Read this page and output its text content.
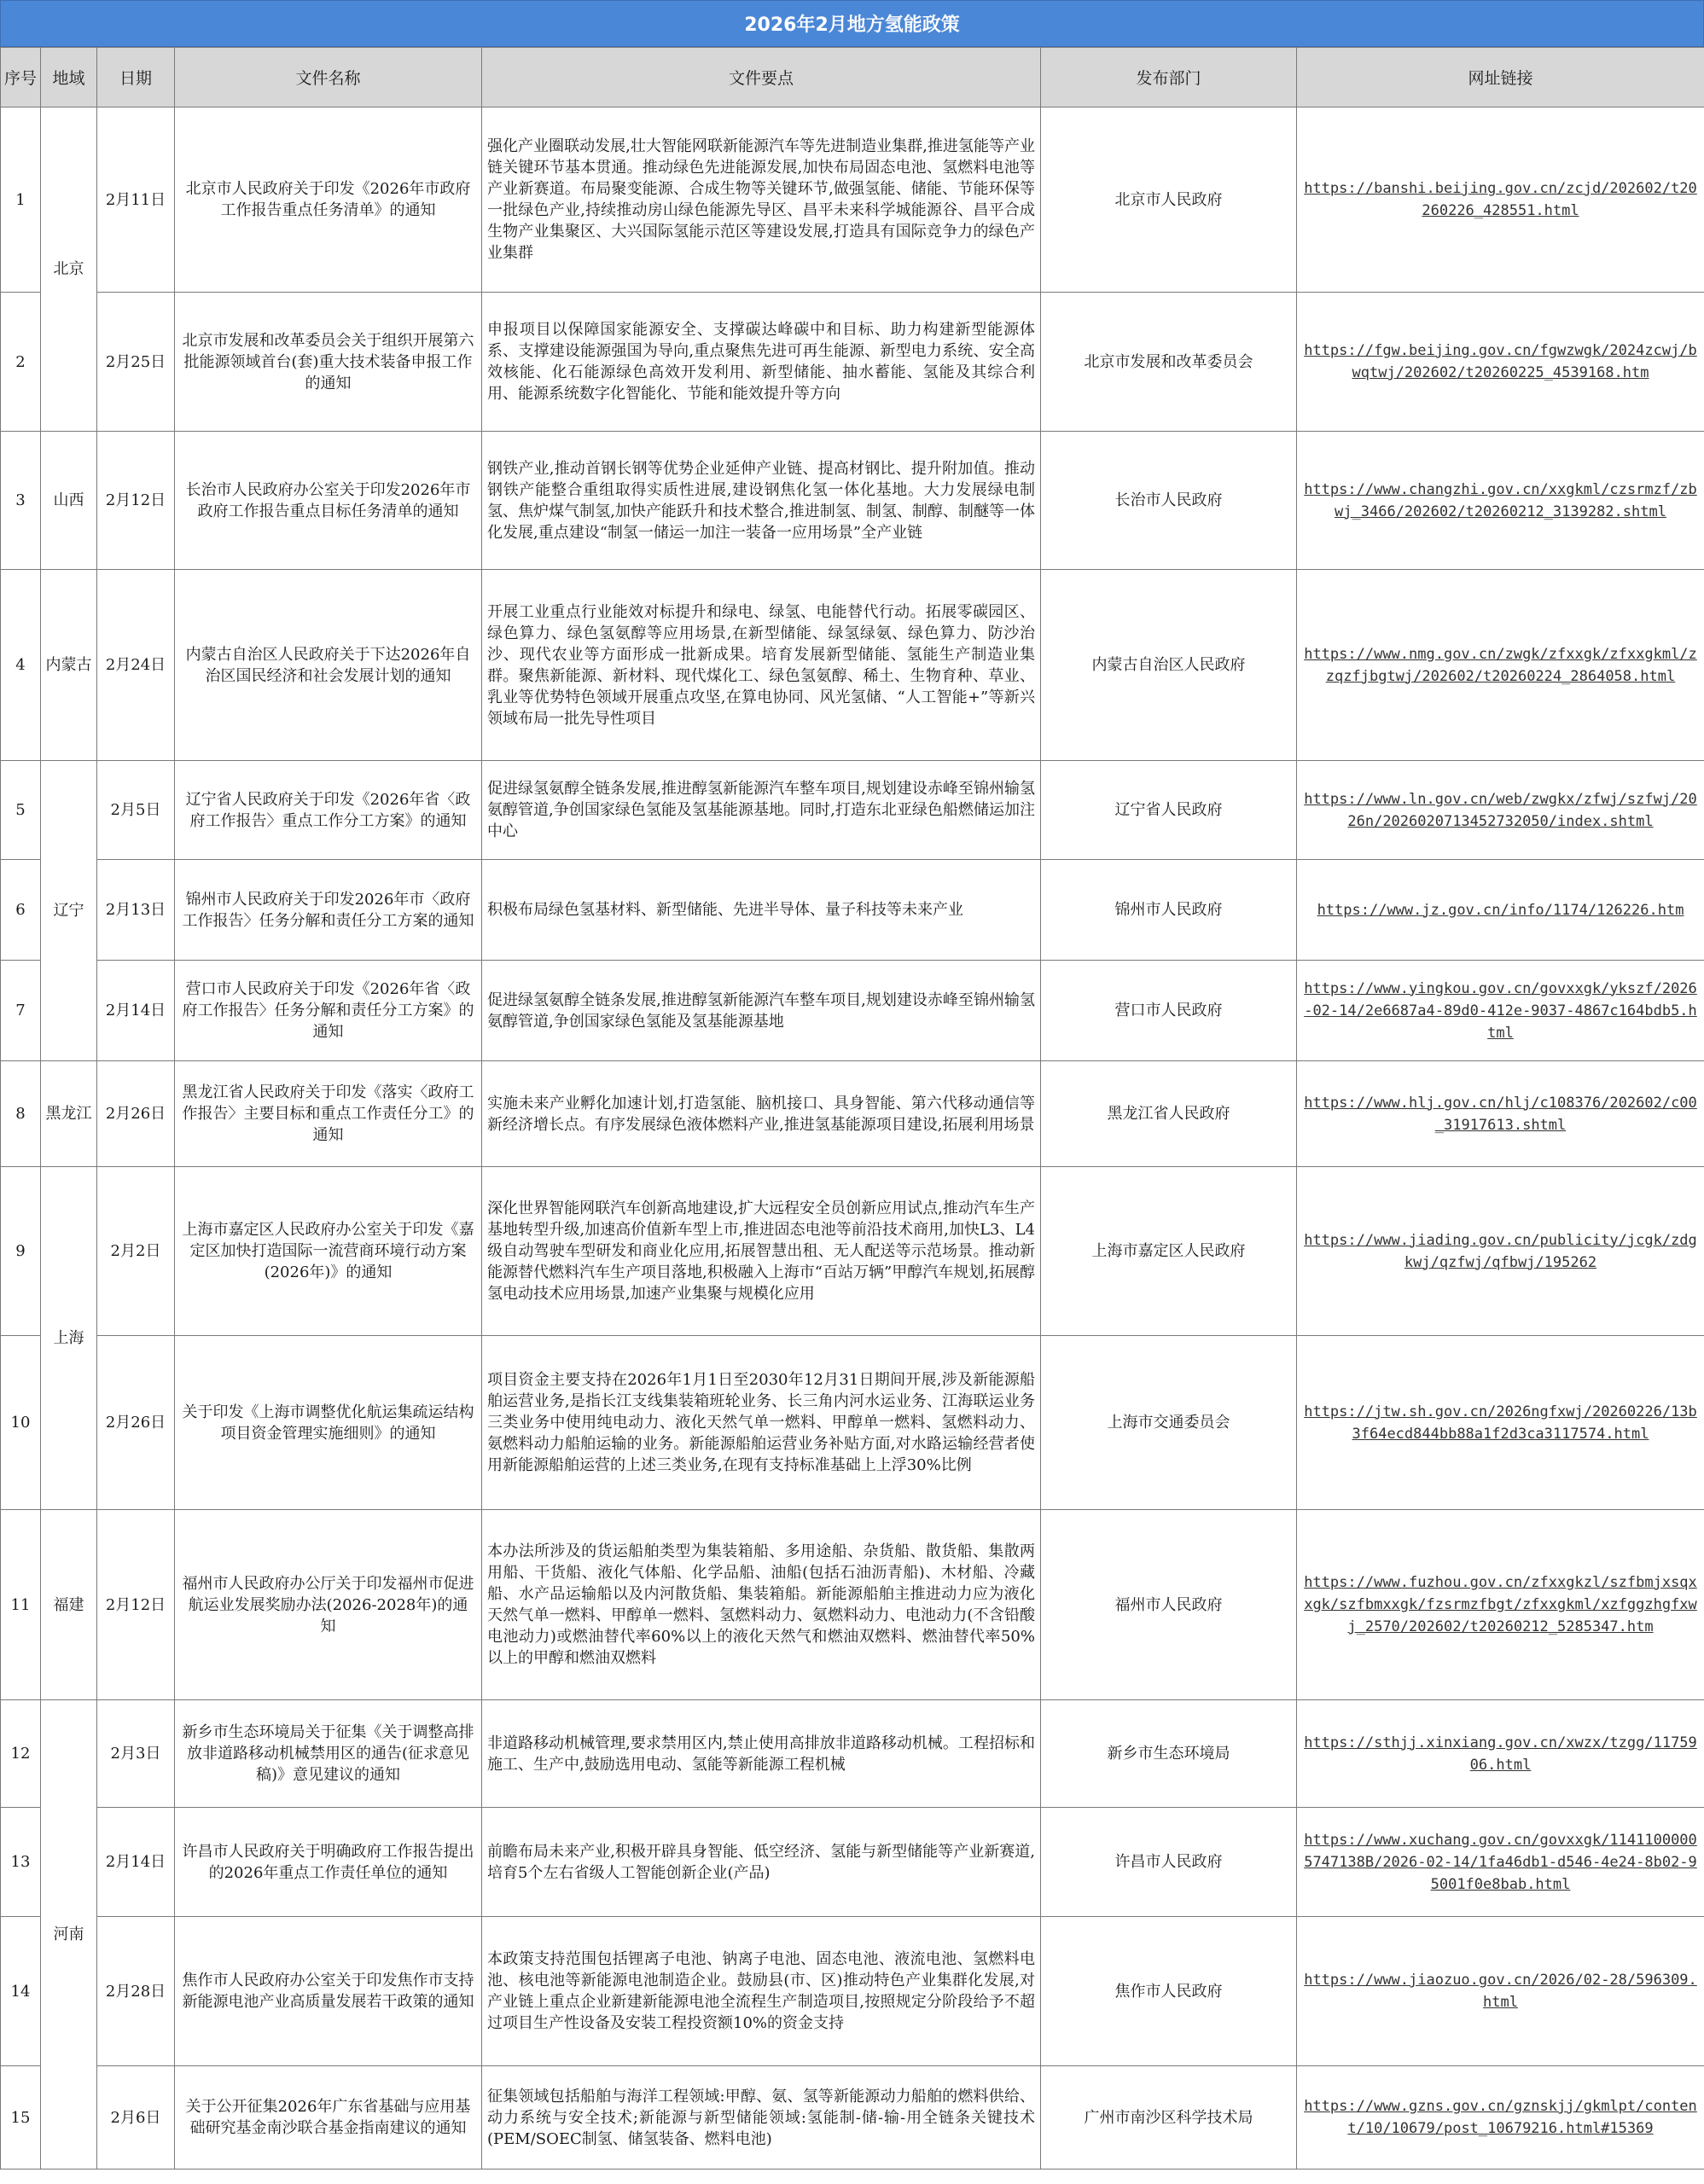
2026年2月地方氢能政策
序号	地域	日期	文件名称	文件要点	发布部门	网址链接
1	北京	2月11日	北京市人民政府关于印发《2026年市政府工作报告重点任务清单》的通知	强化产业圈联动发展,壮大智能网联新能源汽车等先进制造业集群,推进氢能等产业链关键环节基本贯通。推动绿色先进能源发展,加快布局固态电池、氢燃料电池等产业新赛道。布局聚变能源、合成生物等关键环节,做强氢能、储能、节能环保等一批绿色产业,持续推动房山绿色能源先导区、昌平未来科学城能源谷、昌平合成生物产业集聚区、大兴国际氢能示范区等建设发展,打造具有国际竞争力的绿色产业集群	北京市人民政府	https://banshi.beijing.gov.cn/zcjd/202602/t20260226_428551.html
2		2月25日	北京市发展和改革委员会关于组织开展第六批能源领域首台(套)重大技术装备申报工作的通知	申报项目以保障国家能源安全、支撑碳达峰碳中和目标、助力构建新型能源体系、支撑建设能源强国为导向,重点聚焦先进可再生能源、新型电力系统、安全高效核能、化石能源绿色高效开发利用、新型储能、抽水蓄能、氢能及其综合利用、能源系统数字化智能化、节能和能效提升等方向	北京市发展和改革委员会	https://fgw.beijing.gov.cn/fgwzwgk/2024zcwj/bwqtwj/202602/t20260225_4539168.htm
3	山西	2月12日	长治市人民政府办公室关于印发2026年市政府工作报告重点目标任务清单的通知	钢铁产业,推动首钢长钢等优势企业延伸产业链、提高材钢比、提升附加值。推动钢铁产能整合重组取得实质性进展,建设钢焦化氢一体化基地。大力发展绿电制氢、焦炉煤气制氢,加快产能跃升和技术整合,推进制氢、制氢、制醇、制醚等一体化发展,重点建设“制氢一储运一加注一装备一应用场景”全产业链	长治市人民政府	https://www.changzhi.gov.cn/xxgkml/czsrmzf/zbwj_3466/202602/t20260212_3139282.shtml
4	内蒙古	2月24日	内蒙古自治区人民政府关于下达2026年自治区国民经济和社会发展计划的通知	开展工业重点行业能效对标提升和绿电、绿氢、电能替代行动。拓展零碳园区、绿色算力、绿色氢氨醇等应用场景,在新型储能、绿氢绿氨、绿色算力、防沙治沙、现代农业等方面形成一批新成果。培育发展新型储能、氢能生产制造业集群。聚焦新能源、新材料、现代煤化工、绿色氢氨醇、稀土、生物育种、草业、乳业等优势特色领域开展重点攻坚,在算电协同、风光氢储、“人工智能+”等新兴领域布局一批先导性项目	内蒙古自治区人民政府	https://www.nmg.gov.cn/zwgk/zfxxgk/zfxxgkml/zzqzfjbgtwj/202602/t20260224_2864058.html
5	辽宁	2月5日	辽宁省人民政府关于印发《2026年省〈政府工作报告〉重点工作分工方案》的通知	促进绿氢氨醇全链条发展,推进醇氢新能源汽车整车项目,规划建设赤峰至锦州输氢氨醇管道,争创国家绿色氢能及氢基能源基地。同时,打造东北亚绿色船燃储运加注中心	辽宁省人民政府	https://www.ln.gov.cn/web/zwgkx/zfwj/szfwj/2026n/2026020713452732050/index.shtml
6		2月13日	锦州市人民政府关于印发2026年市〈政府工作报告〉任务分解和责任分工方案的通知	积极布局绿色氢基材料、新型储能、先进半导体、量子科技等未来产业	锦州市人民政府	https://www.jz.gov.cn/info/1174/126226.htm
7		2月14日	营口市人民政府关于印发《2026年省〈政府工作报告〉任务分解和责任分工方案》的通知	促进绿氢氨醇全链条发展,推进醇氢新能源汽车整车项目,规划建设赤峰至锦州输氢氨醇管道,争创国家绿色氢能及氢基能源基地	营口市人民政府	https://www.yingkou.gov.cn/govxxgk/ykszf/2026-02-14/2e6687a4-89d0-412e-9037-4867c164bdb5.html
8	黑龙江	2月26日	黑龙江省人民政府关于印发《落实〈政府工作报告〉主要目标和重点工作责任分工》的通知	实施未来产业孵化加速计划,打造氢能、脑机接口、具身智能、第六代移动通信等新经济增长点。有序发展绿色液体燃料产业,推进氢基能源项目建设,拓展利用场景	黑龙江省人民政府	https://www.hlj.gov.cn/hlj/c108376/202602/c00_31917613.shtml
9	上海	2月2日	上海市嘉定区人民政府办公室关于印发《嘉定区加快打造国际一流营商环境行动方案(2026年)》的通知	深化世界智能网联汽车创新高地建设,扩大远程安全员创新应用试点,推动汽车生产基地转型升级,加速高价值新车型上市,推进固态电池等前沿技术商用,加快L3、L4级自动驾驶车型研发和商业化应用,拓展智慧出租、无人配送等示范场景。推动新能源替代燃料汽车生产项目落地,积极融入上海市“百站万辆”甲醇汽车规划,拓展醇氢电动技术应用场景,加速产业集聚与规模化应用	上海市嘉定区人民政府	https://www.jiading.gov.cn/publicity/jcgk/zdgkwj/qzfwj/qfbwj/195262
10		2月26日	关于印发《上海市调整优化航运集疏运结构项目资金管理实施细则》的通知	项目资金主要支持在2026年1月1日至2030年12月31日期间开展,涉及新能源船舶运营业务,是指长江支线集装箱班轮业务、长三角内河水运业务、江海联运业务三类业务中使用纯电动力、液化天然气单一燃料、甲醇单一燃料、氢燃料动力、氨燃料动力船舶运输的业务。新能源船舶运营业务补贴方面,对水路运输经营者使用新能源船舶运营的上述三类业务,在现有支持标准基础上上浮30%比例	上海市交通委员会	https://jtw.sh.gov.cn/2026ngfxwj/20260226/13b3f64ecd844bb88a1f2d3ca3117574.html
11	福建	2月12日	福州市人民政府办公厅关于印发福州市促进航运业发展奖励办法(2026-2028年)的通知	本办法所涉及的货运船舶类型为集装箱船、多用途船、杂货船、散货船、集散两用船、干货船、液化气体船、化学品船、油船(包括石油沥青船)、木材船、冷藏船、水产品运输船以及内河散货船、集装箱船。新能源船舶主推进动力应为液化天然气单一燃料、甲醇单一燃料、氢燃料动力、氨燃料动力、电池动力(不含铅酸电池动力)或燃油替代率60%以上的液化天然气和燃油双燃料、燃油替代率50%以上的甲醇和燃油双燃料	福州市人民政府	https://www.fuzhou.gov.cn/zfxxgkzl/szfbmjxsqxxgk/szfbmxxgk/fzsrmzfbgt/zfxxgkml/xzfggzhgfxwj_2570/202602/t20260212_5285347.htm
12	河南	2月3日	新乡市生态环境局关于征集《关于调整高排放非道路移动机械禁用区的通告(征求意见稿)》意见建议的通知	非道路移动机械管理,要求禁用区内,禁止使用高排放非道路移动机械。工程招标和施工、生产中,鼓励选用电动、氢能等新能源工程机械	新乡市生态环境局	https://sthjj.xinxiang.gov.cn/xwzx/tzgg/1175906.html
13		2月14日	许昌市人民政府关于明确政府工作报告提出的2026年重点工作责任单位的通知	前瞻布局未来产业,积极开辟具身智能、低空经济、氢能与新型储能等产业新赛道,培育5个左右省级人工智能创新企业(产品)	许昌市人民政府	https://www.xuchang.gov.cn/govxxgk/11411000005747138B/2026-02-14/1fa46db1-d546-4e24-8b02-95001f0e8bab.html
14		2月28日	焦作市人民政府办公室关于印发焦作市支持新能源电池产业高质量发展若干政策的通知	本政策支持范围包括锂离子电池、钠离子电池、固态电池、液流电池、氢燃料电池、核电池等新能源电池制造企业。鼓励县(市、区)推动特色产业集群化发展,对产业链上重点企业新建新能源电池全流程生产制造项目,按照规定分阶段给予不超过项目生产性设备及安装工程投资额10%的资金支持	焦作市人民政府	https://www.jiaozuo.gov.cn/2026/02-28/596309.html
15		2月6日	关于公开征集2026年广东省基础与应用基础研究基金南沙联合基金指南建议的通知	征集领域包括船舶与海洋工程领域:甲醇、氨、氢等新能源动力船舶的燃料供给、动力系统与安全技术;新能源与新型储能领域:氢能制-储-输-用全链条关键技术(PEM/SOEC制氢、储氢装备、燃料电池)	广州市南沙区科学技术局	https://www.gzns.gov.cn/gznskjj/gkmlpt/content/10/10679/post_10679216.html#15369
